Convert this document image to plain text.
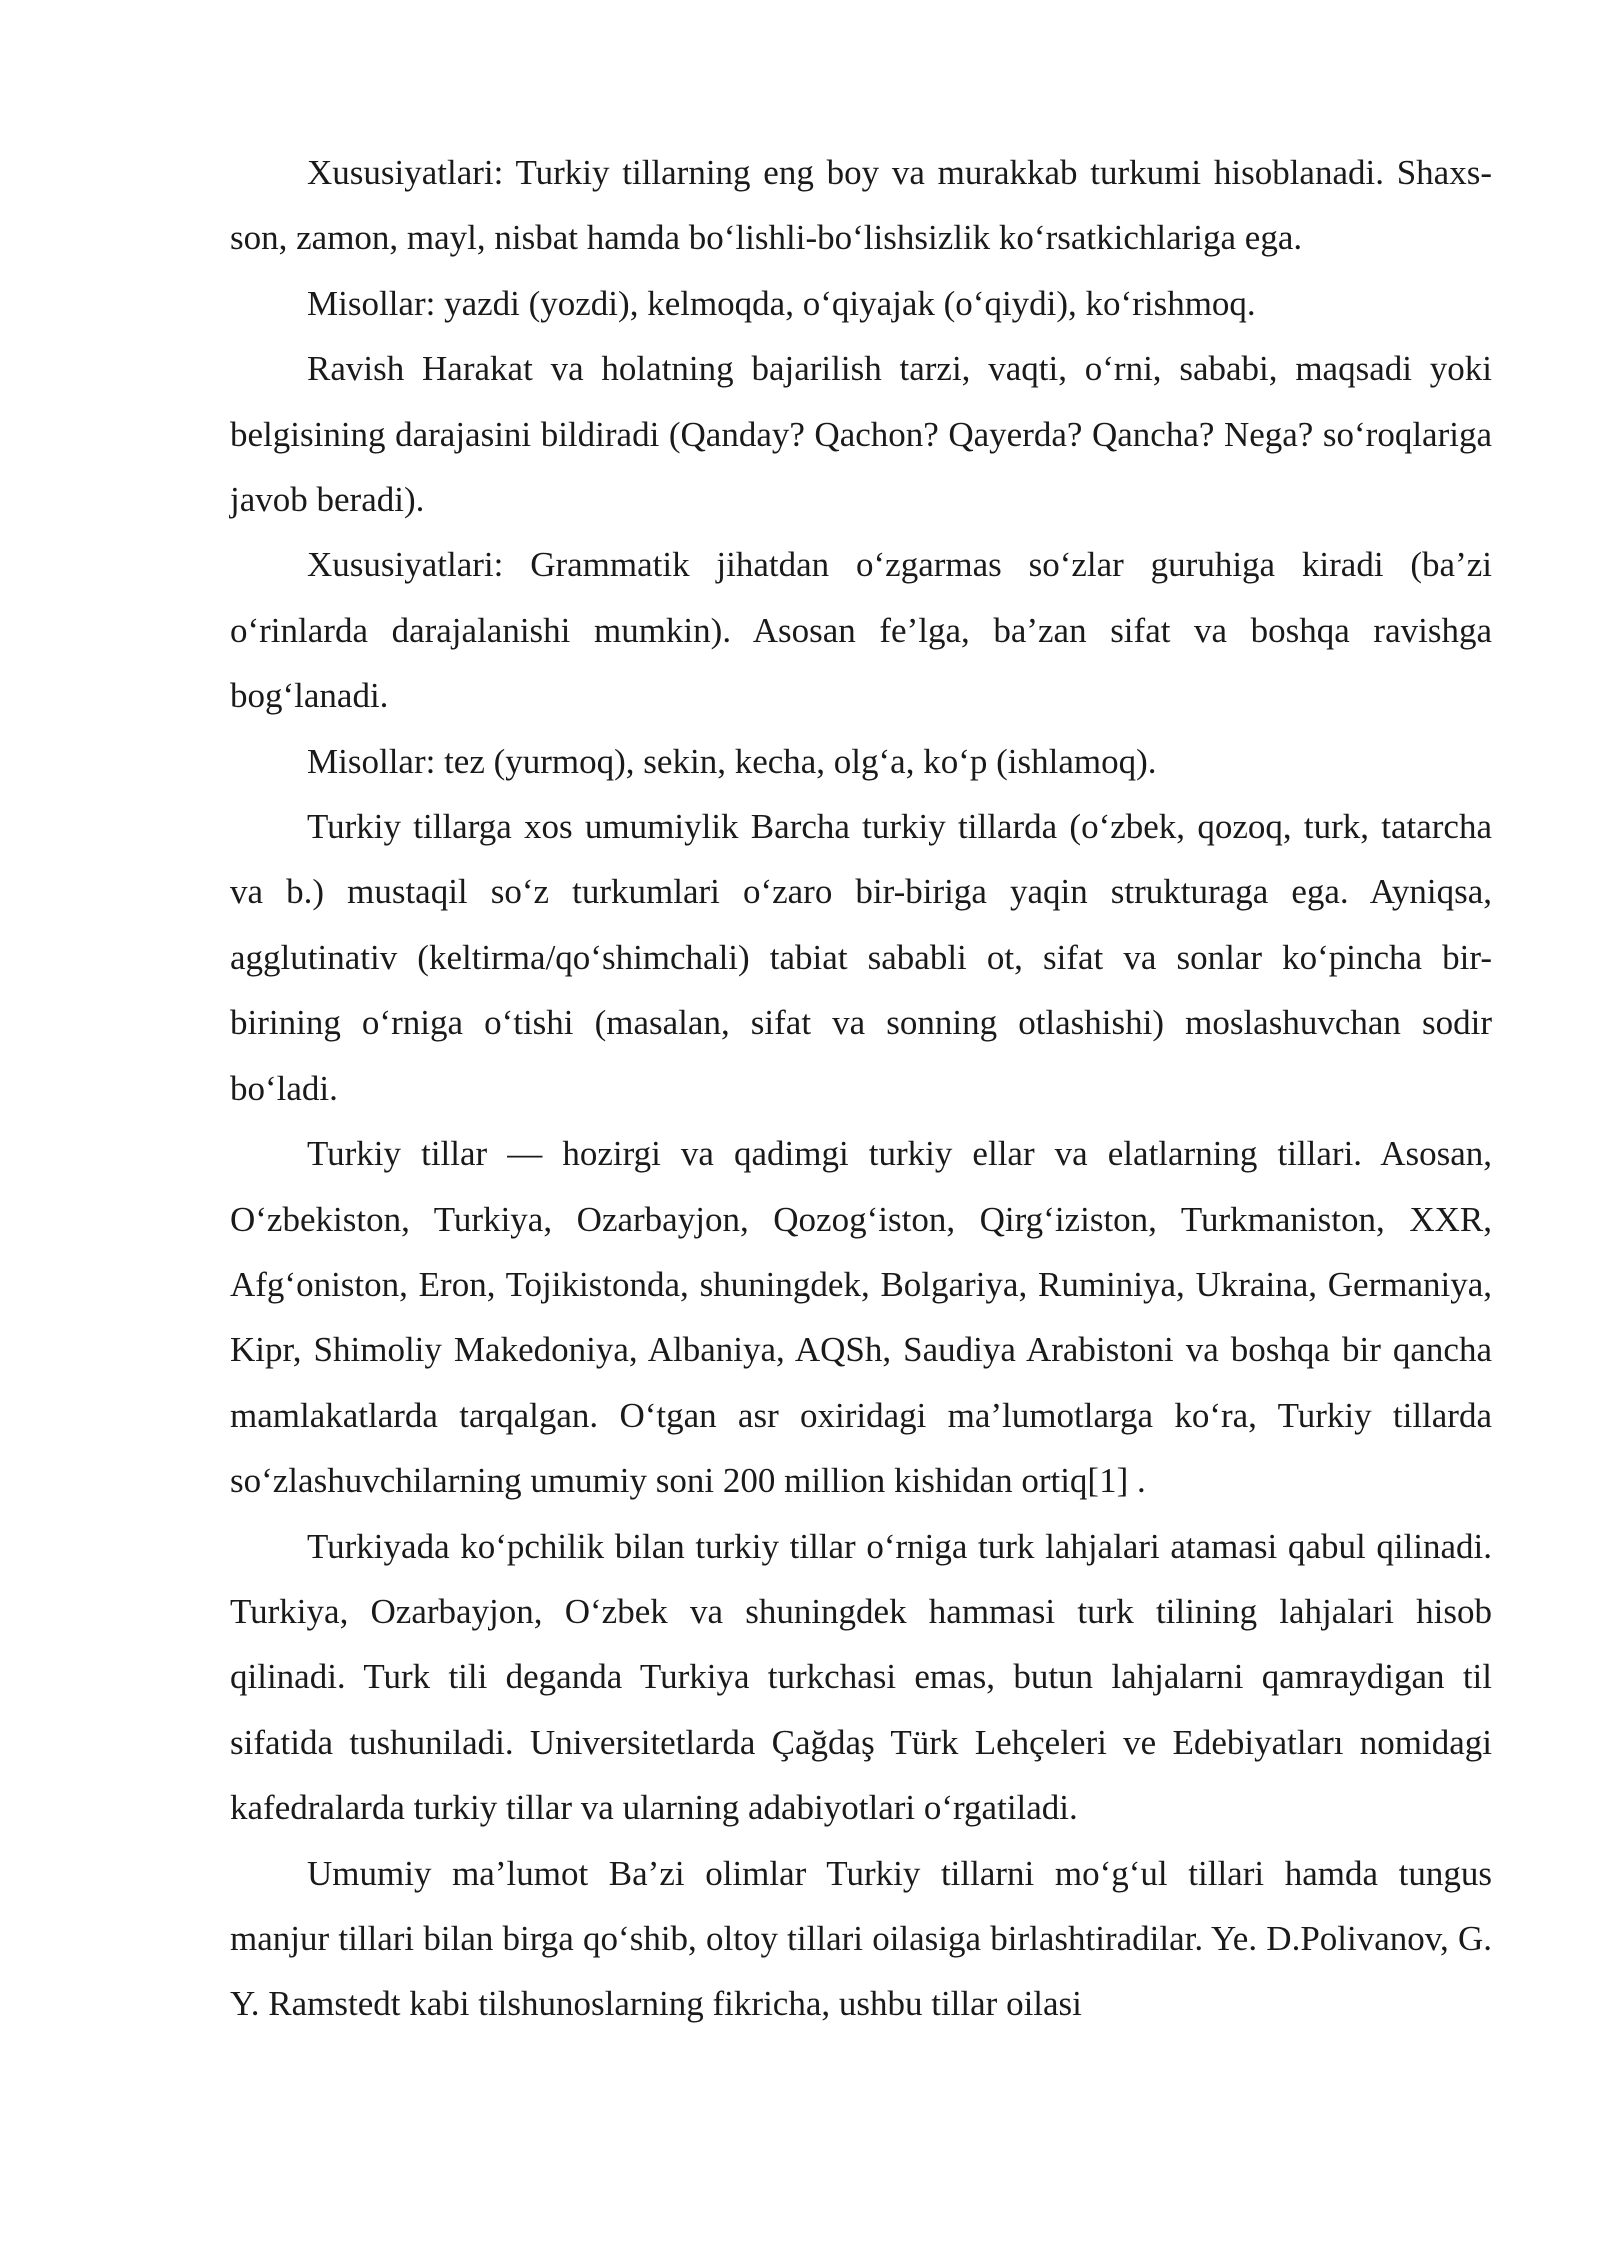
Xususiyatlari: Turkiy tillarning eng boy va murakkab turkumi hisoblanadi. Shaxs-son, zamon, mayl, nisbat hamda bo‘lishli-bo‘lishsizlik ko‘rsatkichlariga ega.

Misollar: yazdi (yozdi), kelmoqda, o‘qiyajak (o‘qiydi), ko‘rishmoq.

Ravish Harakat va holatning bajarilish tarzi, vaqti, o‘rni, sababi, maqsadi yoki belgisining darajasini bildiradi (Qanday? Qachon? Qayerda? Qancha? Nega? so‘roqlariga javob beradi).

Xususiyatlari: Grammatik jihatdan o‘zgarmas so‘zlar guruhiga kiradi (ba’zi o‘rinlarda darajalanishi mumkin). Asosan fe’lga, ba’zan sifat va boshqa ravishga bog‘lanadi.

Misollar: tez (yurmoq), sekin, kecha, olg‘a, ko‘p (ishlamoq).

Turkiy tillarga xos umumiylik Barcha turkiy tillarda (o‘zbek, qozoq, turk, tatarcha va b.) mustaqil so‘z turkumlari o‘zaro bir-biriga yaqin strukturaga ega. Ayniqsa, agglutinativ (keltirma/qo‘shimchali) tabiat sababli ot, sifat va sonlar ko‘pincha bir-birining o‘rniga o‘tishi (masalan, sifat va sonning otlashishi) moslashuvchan sodir bo‘ladi.

Turkiy tillar — hozirgi va qadimgi turkiy ellar va elatlarning tillari. Asosan, O‘zbekiston, Turkiya, Ozarbayjon, Qozog‘iston, Qirg‘iziston, Turkmaniston, XXR, Afg‘oniston, Eron, Tojikistonda, shuningdek, Bolgariya, Ruminiya, Ukraina, Germaniya, Kipr, Shimoliy Makedoniya, Albaniya, AQSh, Saudiya Arabistoni va boshqa bir qancha mamlakatlarda tarqalgan. O‘tgan asr oxiridagi ma’lumotlarga ko‘ra, Turkiy tillarda so‘zlashuvchilarning umumiy soni 200 million kishidan ortiq[1] .

Turkiyada ko‘pchilik bilan turkiy tillar o‘rniga turk lahjalari atamasi qabul qilinadi. Turkiya, Ozarbayjon, O‘zbek va shuningdek hammasi turk tilining lahjalari hisob qilinadi. Turk tili deganda Turkiya turkchasi emas, butun lahjalarni qamraydigan til sifatida tushuniladi. Universitetlarda Çağdaş Türk Lehçeleri ve Edebiyatları nomidagi kafedralarda turkiy tillar va ularning adabiyotlari o‘rgatiladi.

Umumiy ma’lumot Ba’zi olimlar Turkiy tillarni mo‘g‘ul tillari hamda tungus manjur tillari bilan birga qo‘shib, oltoy tillari oilasiga birlashtiradilar. Ye. D.Polivanov, G. Y. Ramstedt kabi tilshunoslarning fikricha, ushbu tillar oilasi
